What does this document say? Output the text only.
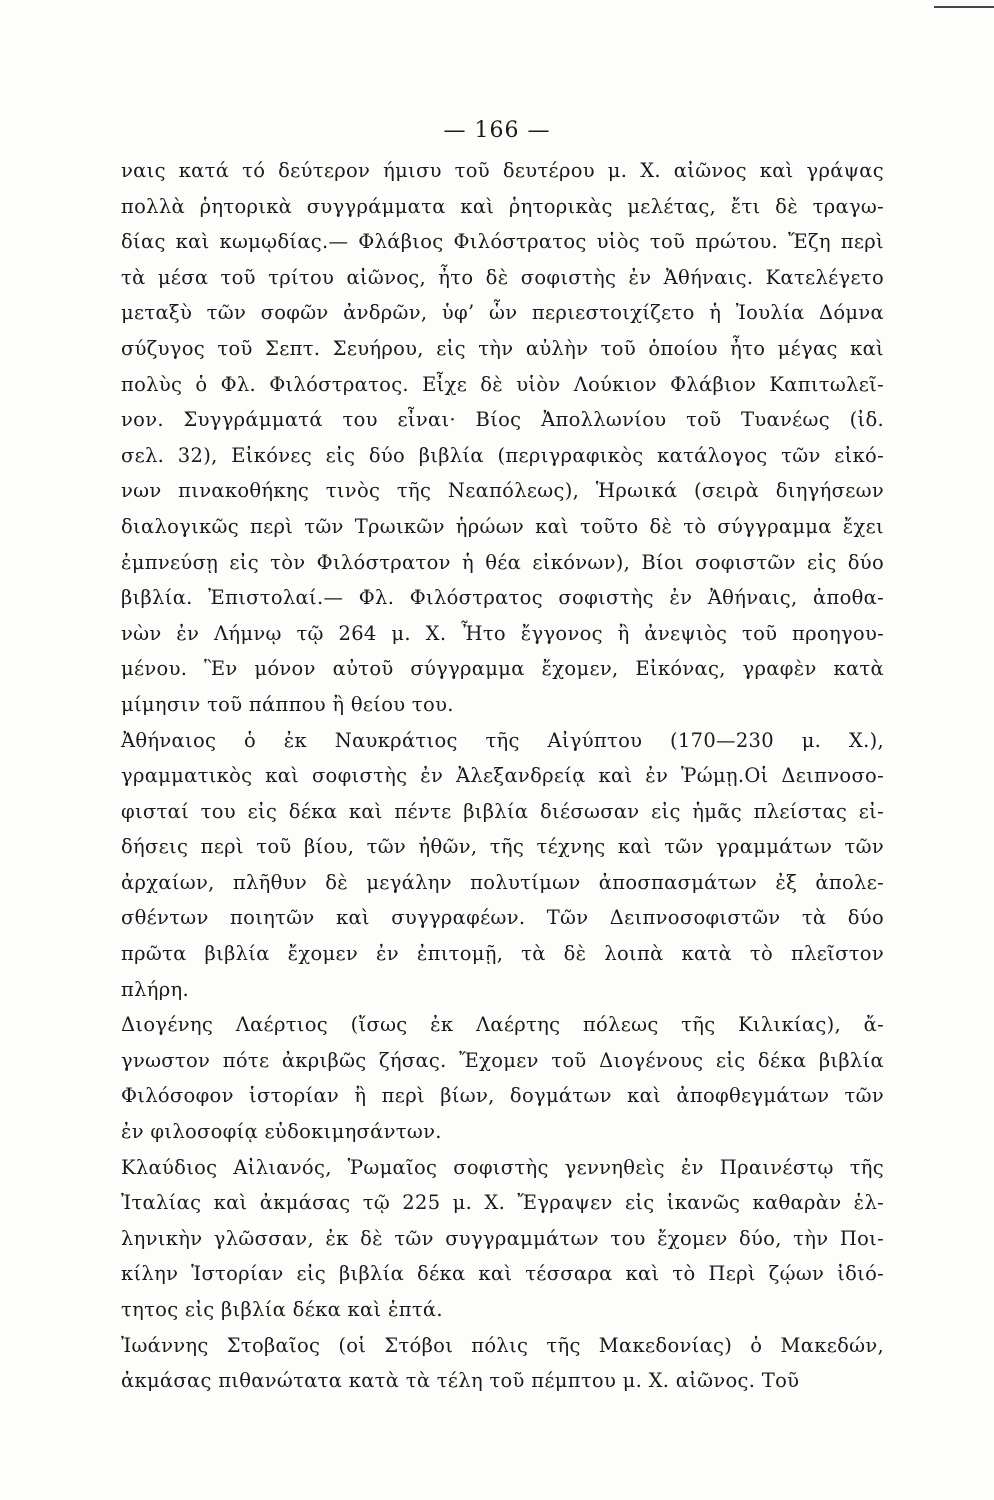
— 166 —
ναις κατά τό δεύτερον ήμισυ τοῦ δευτέρου μ. Χ. αἰῶνος καὶ γράψας
πολλὰ ῥητορικὰ συγγράμματα καὶ ῥητορικὰς μελέτας, ἔτι δὲ τραγω-
δίας καὶ κωμῳδίας.— Φλάβιος Φιλόστρατος υἱὸς τοῦ πρώτου. Ἔζη περὶ
τὰ μέσα τοῦ τρίτου αἰῶνος, ἦτο δὲ σοφιστὴς ἐν Ἀθήναις. Κατελέγετο
μεταξὺ τῶν σοφῶν ἀνδρῶν, ὑφ’ ὧν περιεστοιχίζετο ἡ Ἰουλία Δόμνα
σύζυγος τοῦ Σεπτ. Σευήρου, εἰς τὴν αὐλὴν τοῦ ὁποίου ἦτο μέγας καὶ
πολὺς ὁ Φλ. Φιλόστρατος. Εἶχε δὲ υἱὸν Λούκιον Φλάβιον Καπιτωλεῖ-
νον. Συγγράμματά του εἶναι· Βίος Ἀπολλωνίου τοῦ Τυανέως (ἰδ.
σελ. 32), Εἰκόνες εἰς δύο βιβλία (περιγραφικὸς κατάλογος τῶν εἰκό-
νων πινακοθήκης τινὸς τῆς Νεαπόλεως), Ἡρωικά (σειρὰ διηγήσεων
διαλογικῶς περὶ τῶν Τρωικῶν ἡρώων καὶ τοῦτο δὲ τὸ σύγγραμμα ἔχει
ἐμπνεύσῃ εἰς τὸν Φιλόστρατον ἡ θέα εἰκόνων), Βίοι σοφιστῶν εἰς δύο
βιβλία. Ἐπιστολαί.— Φλ. Φιλόστρατος σοφιστὴς ἐν Ἀθήναις, ἀποθα-
νὼν ἐν Λήμνῳ τῷ 264 μ. Χ. Ἦτο ἔγγονος ἢ ἀνεψιὸς τοῦ προηγου-
μένου. Ἓν μόνον αὐτοῦ σύγγραμμα ἔχομεν, Εἰκόνας, γραφὲν κατὰ
μίμησιν τοῦ πάππου ἢ θείου του.
Ἀθήναιος ὁ ἐκ Ναυκράτιος τῆς Αἰγύπτου (170—230 μ. Χ.),
γραμματικὸς καὶ σοφιστὴς ἐν Ἀλεξανδρείᾳ καὶ ἐν Ῥώμῃ.Οἱ Δειπνοσο-
φισταί του εἰς δέκα καὶ πέντε βιβλία διέσωσαν εἰς ἡμᾶς πλείστας εἰ-
δήσεις περὶ τοῦ βίου, τῶν ἠθῶν, τῆς τέχνης καὶ τῶν γραμμάτων τῶν
ἀρχαίων, πλῆθυν δὲ μεγάλην πολυτίμων ἀποσπασμάτων ἐξ ἀπολε-
σθέντων ποιητῶν καὶ συγγραφέων. Τῶν Δειπνοσοφιστῶν τὰ δύο
πρῶτα βιβλία ἔχομεν ἐν ἐπιτομῇ, τὰ δὲ λοιπὰ κατὰ τὸ πλεῖστον
πλήρη.
Διογένης Λαέρτιος (ἴσως ἐκ Λαέρτης πόλεως τῆς Κιλικίας), ἄ-
γνωστον πότε ἀκριβῶς ζήσας. Ἔχομεν τοῦ Διογένους εἰς δέκα βιβλία
Φιλόσοφον ἱστορίαν ἢ περὶ βίων, δογμάτων καὶ ἀποφθεγμάτων τῶν
ἐν φιλοσοφίᾳ εὐδοκιμησάντων.
Κλαύδιος Αἰλιανός, Ῥωμαῖος σοφιστὴς γεννηθεὶς ἐν Πραινέστῳ τῆς
Ἰταλίας καὶ ἀκμάσας τῷ 225 μ. Χ. Ἔγραψεν εἰς ἱκανῶς καθαρὰν ἑλ-
ληνικὴν γλῶσσαν, ἐκ δὲ τῶν συγγραμμάτων του ἔχομεν δύο, τὴν Ποι-
κίλην Ἱστορίαν εἰς βιβλία δέκα καὶ τέσσαρα καὶ τὸ Περὶ ζῴων ἰδιό-
τητος εἰς βιβλία δέκα καὶ ἑπτά.
Ἰωάννης Στοβαῖος (οἱ Στόβοι πόλις τῆς Μακεδονίας) ὁ Μακεδών,
ἀκμάσας πιθανώτατα κατὰ τὰ τέλη τοῦ πέμπτου μ. Χ. αἰῶνος. Τοῦ
